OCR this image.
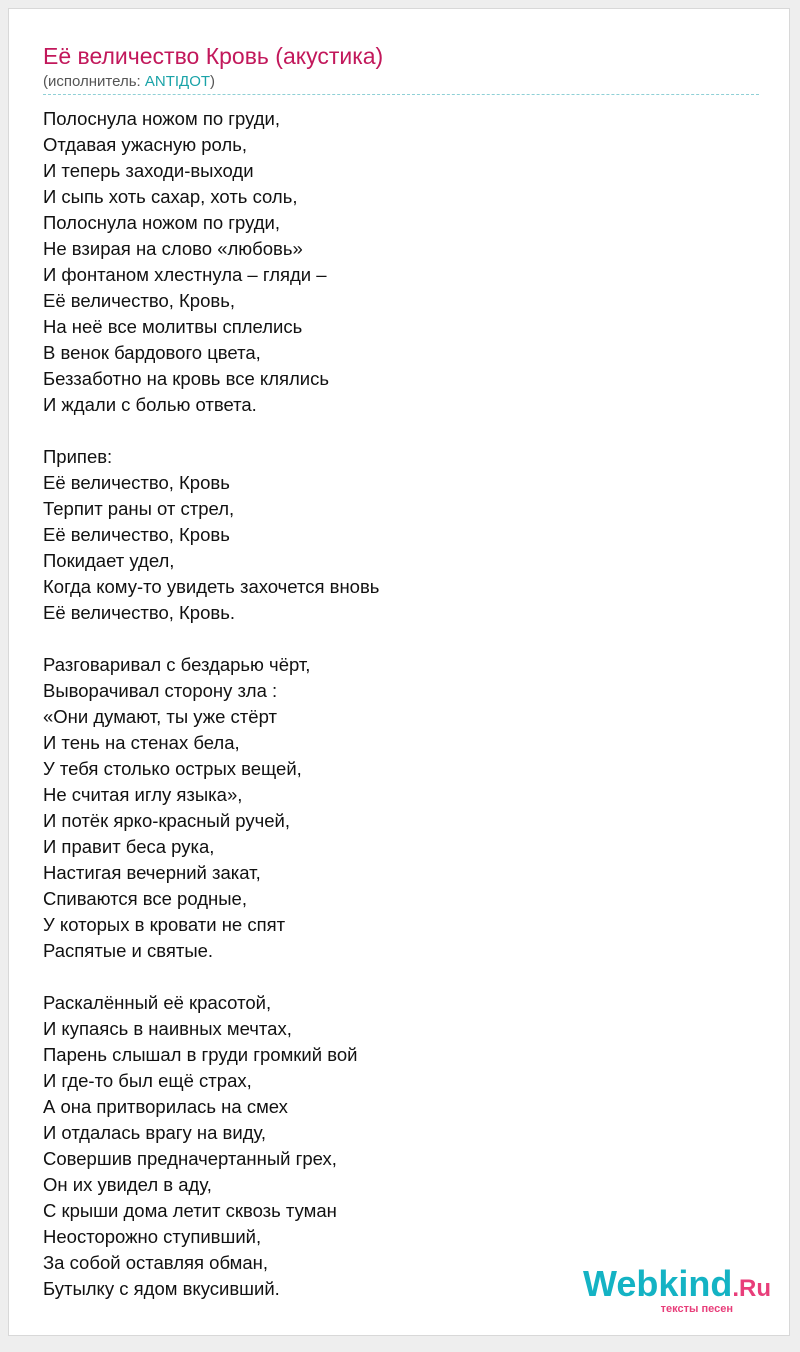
Её величество Кровь (акустика)
(исполнитель: ANTIДОТ)
Полоснула ножом по груди,
Отдавая ужасную роль,
И теперь заходи-выходи
И сыпь хоть сахар, хоть соль,
Полоснула ножом по груди,
Не взирая на слово «любовь»
И фонтаном хлестнула – гляди –
Её величество, Кровь,
На неё все молитвы сплелись
В венок бардового цвета,
Беззаботно на кровь все клялись
И ждали с болью ответа.
Припев:
Её величество, Кровь
Терпит раны от стрел,
Её величество, Кровь
Покидает удел,
Когда кому-то увидеть захочется вновь
Её величество, Кровь.
Разговаривал с бездарью чёрт,
Выворачивал сторону зла :
«Они думают, ты уже стёрт
И тень на стенах бела,
У тебя столько острых вещей,
Не считая иглу языка»,
И потёк ярко-красный ручей,
И правит беса рука,
Настигая вечерний закат,
Спиваются все родные,
У которых в кровати не спят
Распятые и святые.
Раскалённый её красотой,
И купаясь в наивных мечтах,
Парень слышал в груди громкий вой
И где-то был ещё страх,
А она притворилась на смех
И отдалась врагу на виду,
Совершив предначертанный грех,
Он их увидел в аду,
С крыши дома летит сквозь туман
Неосторожно ступивший,
За собой оставляя обман,
Бутылку с ядом вкусивший.	Webkind.Ru
тексты песен
